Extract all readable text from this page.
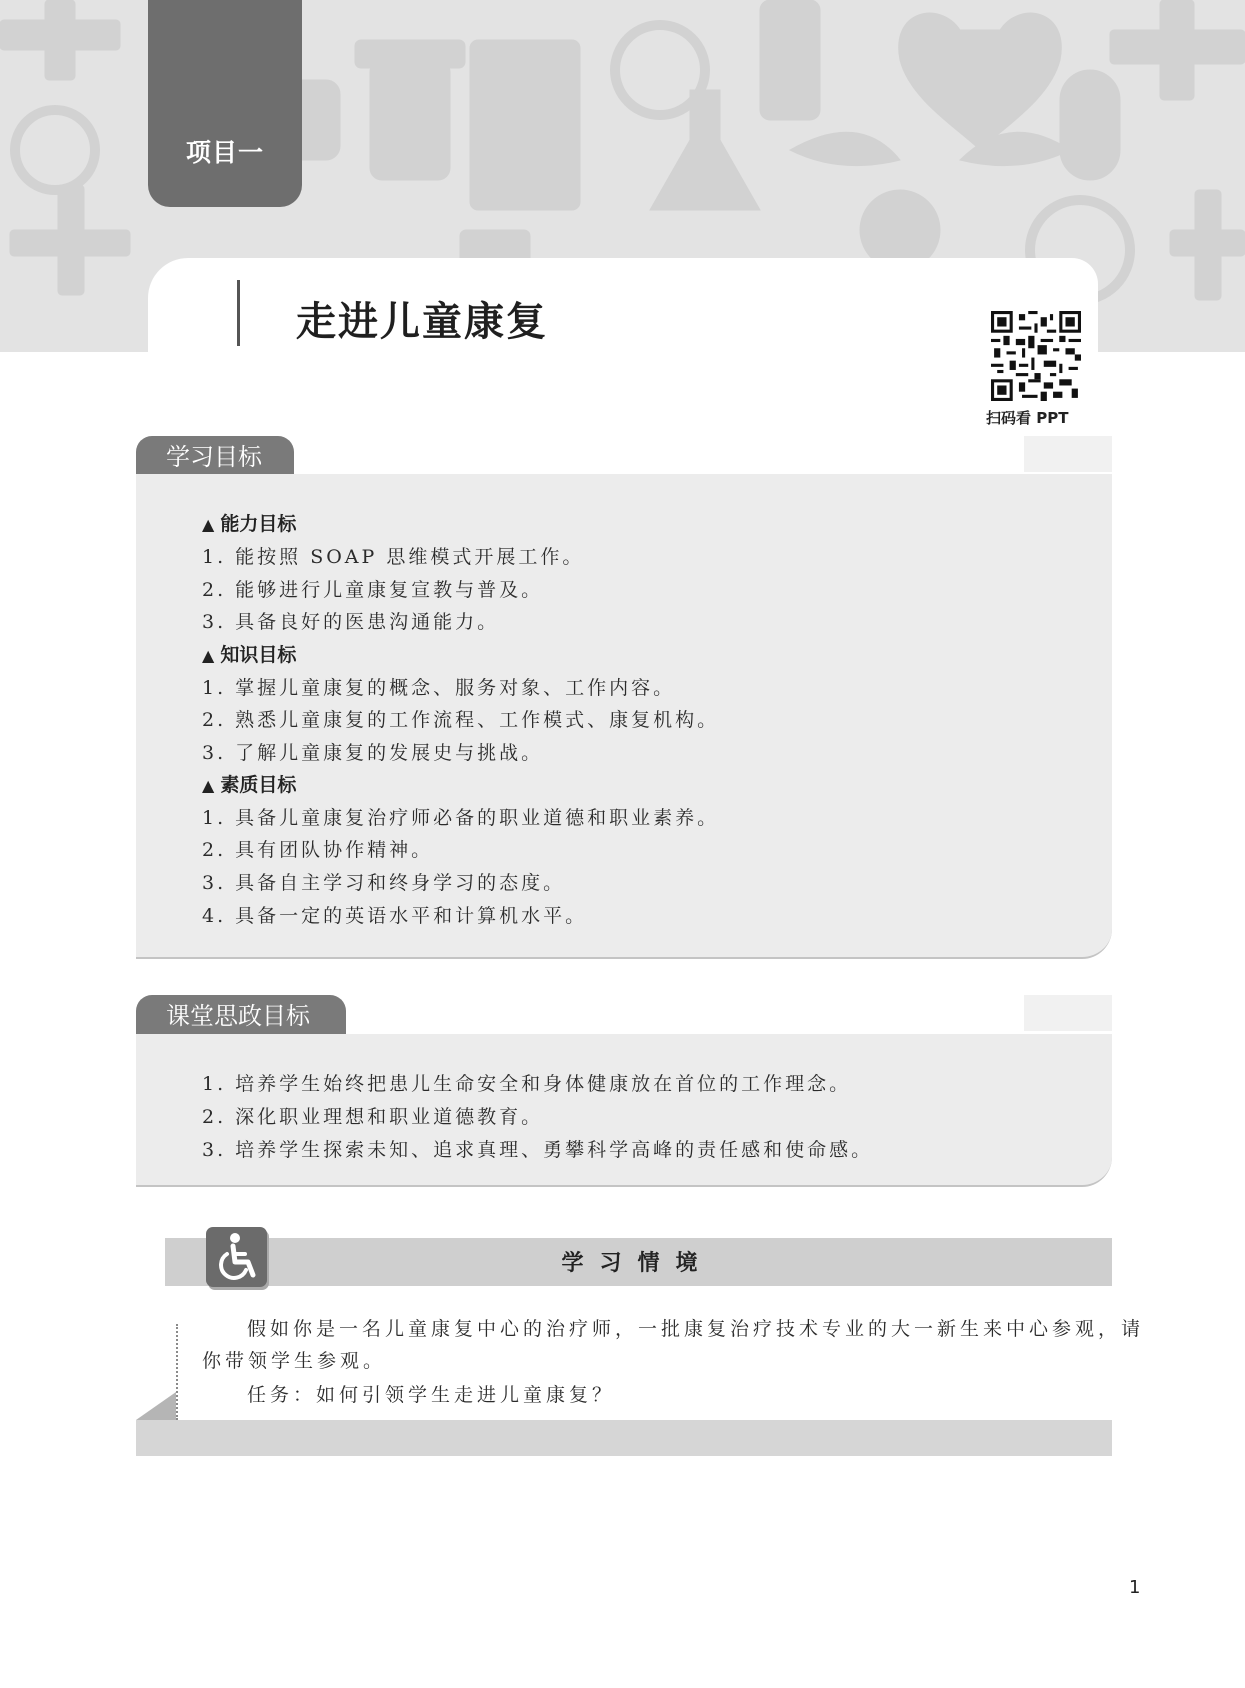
项目一
走进儿童康复
扫码看 PPT
学习目标
▲ 能力目标
1. 能按照 SOAP 思维模式开展工作。
2. 能够进行儿童康复宣教与普及。
3. 具备良好的医患沟通能力。
▲ 知识目标
1. 掌握儿童康复的概念、服务对象、工作内容。
2. 熟悉儿童康复的工作流程、工作模式、康复机构。
3. 了解儿童康复的发展史与挑战。
▲ 素质目标
1. 具备儿童康复治疗师必备的职业道德和职业素养。
2. 具有团队协作精神。
3. 具备自主学习和终身学习的态度。
4. 具备一定的英语水平和计算机水平。
课堂思政目标
1. 培养学生始终把患儿生命安全和身体健康放在首位的工作理念。
2. 深化职业理想和职业道德教育。
3. 培养学生探索未知、追求真理、勇攀科学高峰的责任感和使命感。
学习情境
假如你是一名儿童康复中心的治疗师，一批康复治疗技术专业的大一新生来中心参观，请
你带领学生参观。
任务：如何引领学生走进儿童康复？
1
